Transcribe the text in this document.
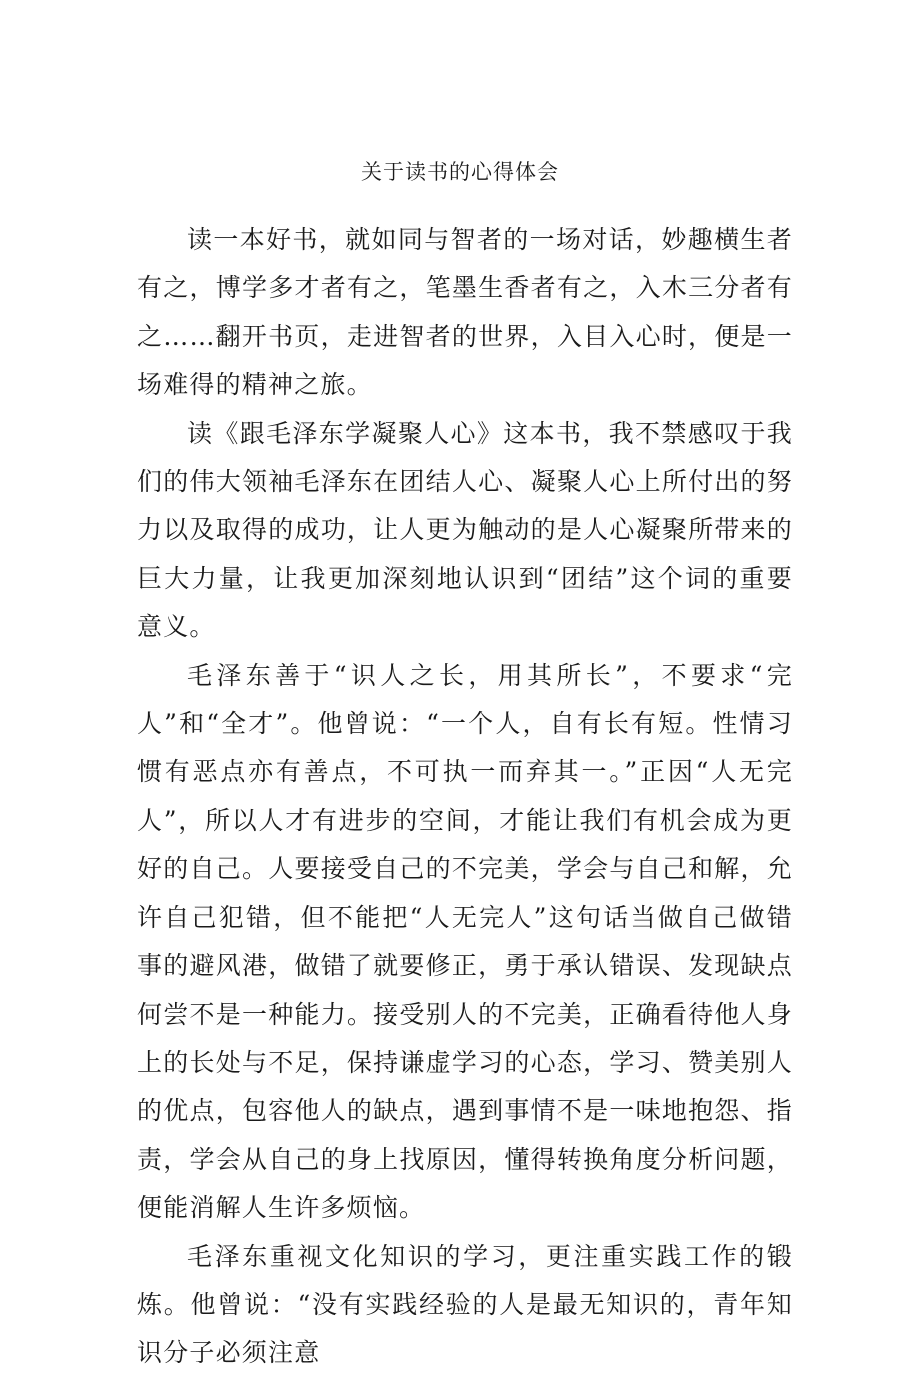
关于读书的心得体会

读一本好书，就如同与智者的一场对话，妙趣横生者有之，博学多才者有之，笔墨生香者有之，入木三分者有之……翻开书页，走进智者的世界，入目入心时，便是一场难得的精神之旅。

读《跟毛泽东学凝聚人心》这本书，我不禁感叹于我们的伟大领袖毛泽东在团结人心、凝聚人心上所付出的努力以及取得的成功，让人更为触动的是人心凝聚所带来的巨大力量，让我更加深刻地认识到“团结”这个词的重要意义。

毛泽东善于“识人之长，用其所长”，不要求“完人”和“全才”。他曾说：“一个人，自有长有短。性情习惯有恶点亦有善点，不可执一而弃其一。”正因“人无完人”，所以人才有进步的空间，才能让我们有机会成为更好的自己。人要接受自己的不完美，学会与自己和解，允许自己犯错，但不能把“人无完人”这句话当做自己做错事的避风港，做错了就要修正，勇于承认错误、发现缺点何尝不是一种能力。接受别人的不完美，正确看待他人身上的长处与不足，保持谦虚学习的心态，学习、赞美别人的优点，包容他人的缺点，遇到事情不是一味地抱怨、指责，学会从自己的身上找原因，懂得转换角度分析问题，便能消解人生许多烦恼。

毛泽东重视文化知识的学习，更注重实践工作的锻炼。他曾说：“没有实践经验的人是最无知识的，青年知识分子必须注意
